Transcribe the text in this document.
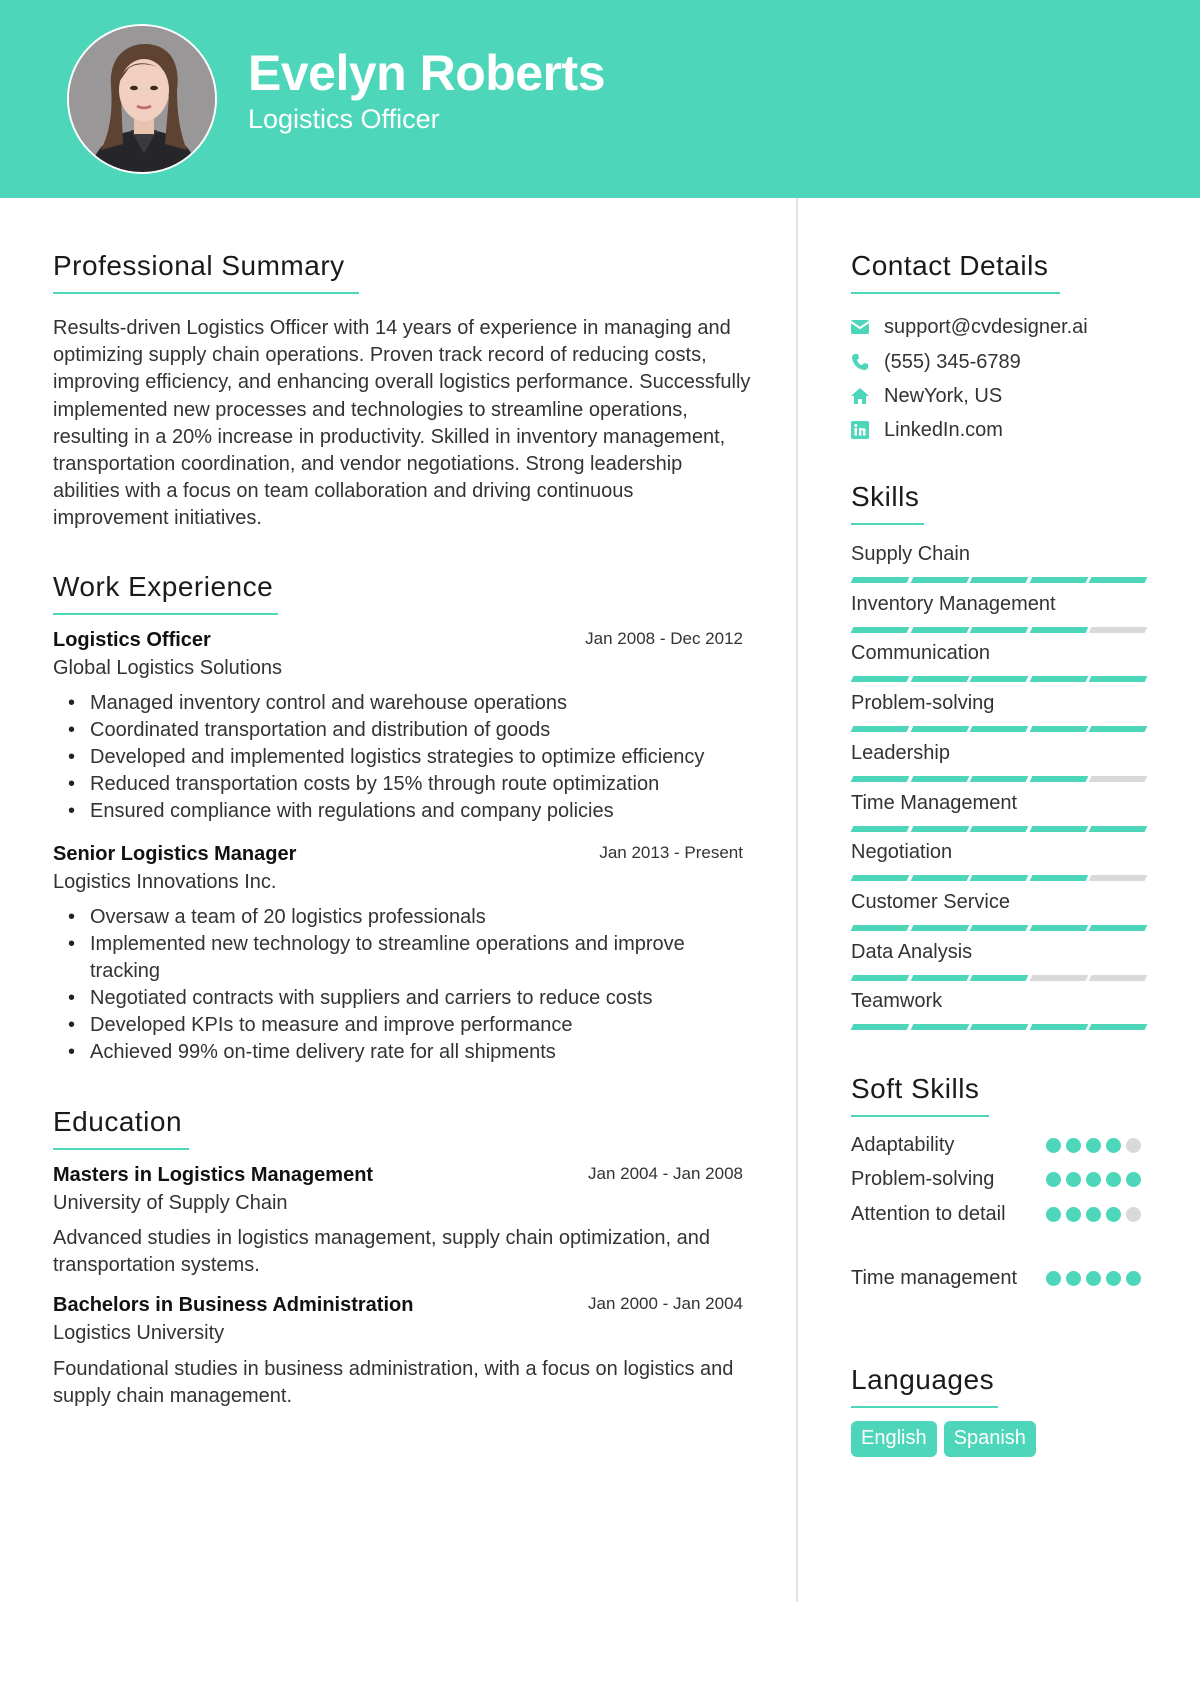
Evelyn Roberts
Logistics Officer
Professional Summary
Results-driven Logistics Officer with 14 years of experience in managing and optimizing supply chain operations. Proven track record of reducing costs, improving efficiency, and enhancing overall logistics performance. Successfully implemented new processes and technologies to streamline operations, resulting in a 20% increase in productivity. Skilled in inventory management, transportation coordination, and vendor negotiations. Strong leadership abilities with a focus on team collaboration and driving continuous improvement initiatives.
Work Experience
Logistics Officer	Jan 2008 - Dec 2012
Global Logistics Solutions
• Managed inventory control and warehouse operations
• Coordinated transportation and distribution of goods
• Developed and implemented logistics strategies to optimize efficiency
• Reduced transportation costs by 15% through route optimization
• Ensured compliance with regulations and company policies
Senior Logistics Manager	Jan 2013 - Present
Logistics Innovations Inc.
• Oversaw a team of 20 logistics professionals
• Implemented new technology to streamline operations and improve tracking
• Negotiated contracts with suppliers and carriers to reduce costs
• Developed KPIs to measure and improve performance
• Achieved 99% on-time delivery rate for all shipments
Education
Masters in Logistics Management	Jan 2004 - Jan 2008
University of Supply Chain
Advanced studies in logistics management, supply chain optimization, and transportation systems.
Bachelors in Business Administration	Jan 2000 - Jan 2004
Logistics University
Foundational studies in business administration, with a focus on logistics and supply chain management.
Contact Details
support@cvdesigner.ai
(555) 345-6789
NewYork, US
LinkedIn.com
Skills
Supply Chain
Inventory Management
Communication
Problem-solving
Leadership
Time Management
Negotiation
Customer Service
Data Analysis
Teamwork
Soft Skills
Adaptability
Problem-solving
Attention to detail
Time management
Languages
English	Spanish
